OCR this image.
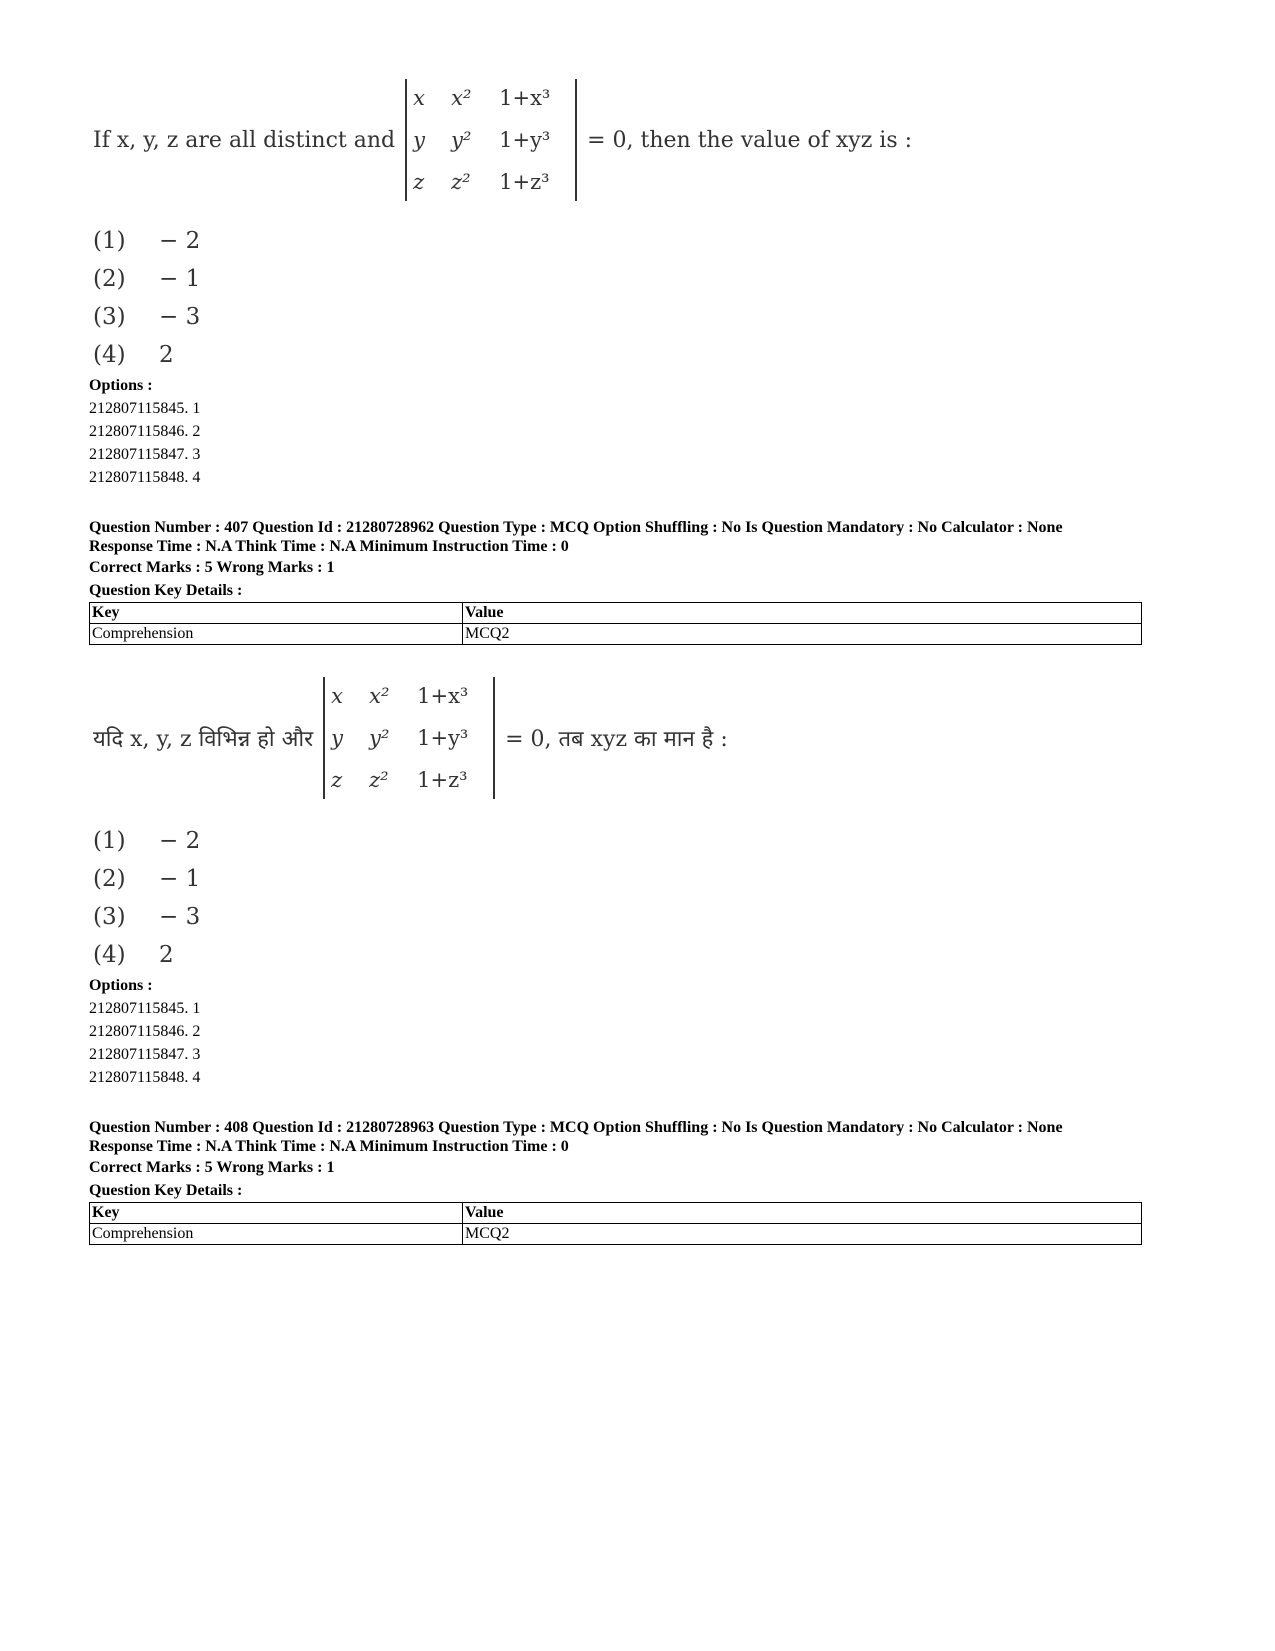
If x, y, z are all distinct and
x	x²	1+x³
y	y²	1+y³
z	z²	1+z³
= 0, then the value of xyz is :
(1)	− 2
(2)	− 1
(3)	− 3
(4)	2
Options :
212807115845. 1
212807115846. 2
212807115847. 3
212807115848. 4
Question Number : 407 Question Id : 21280728962 Question Type : MCQ Option Shuffling : No Is Question Mandatory : No Calculator : None
Response Time : N.A Think Time : N.A Minimum Instruction Time : 0
Correct Marks : 5 Wrong Marks : 1
Question Key Details :
Key	Value
Comprehension	MCQ2
यदि x, y, z विभिन्न हो और
x	x²	1+x³
y	y²	1+y³
z	z²	1+z³
= 0, तब xyz का मान है :
(1)	− 2
(2)	− 1
(3)	− 3
(4)	2
Options :
212807115845. 1
212807115846. 2
212807115847. 3
212807115848. 4
Question Number : 408 Question Id : 21280728963 Question Type : MCQ Option Shuffling : No Is Question Mandatory : No Calculator : None
Response Time : N.A Think Time : N.A Minimum Instruction Time : 0
Correct Marks : 5 Wrong Marks : 1
Question Key Details :
Key	Value
Comprehension	MCQ2
